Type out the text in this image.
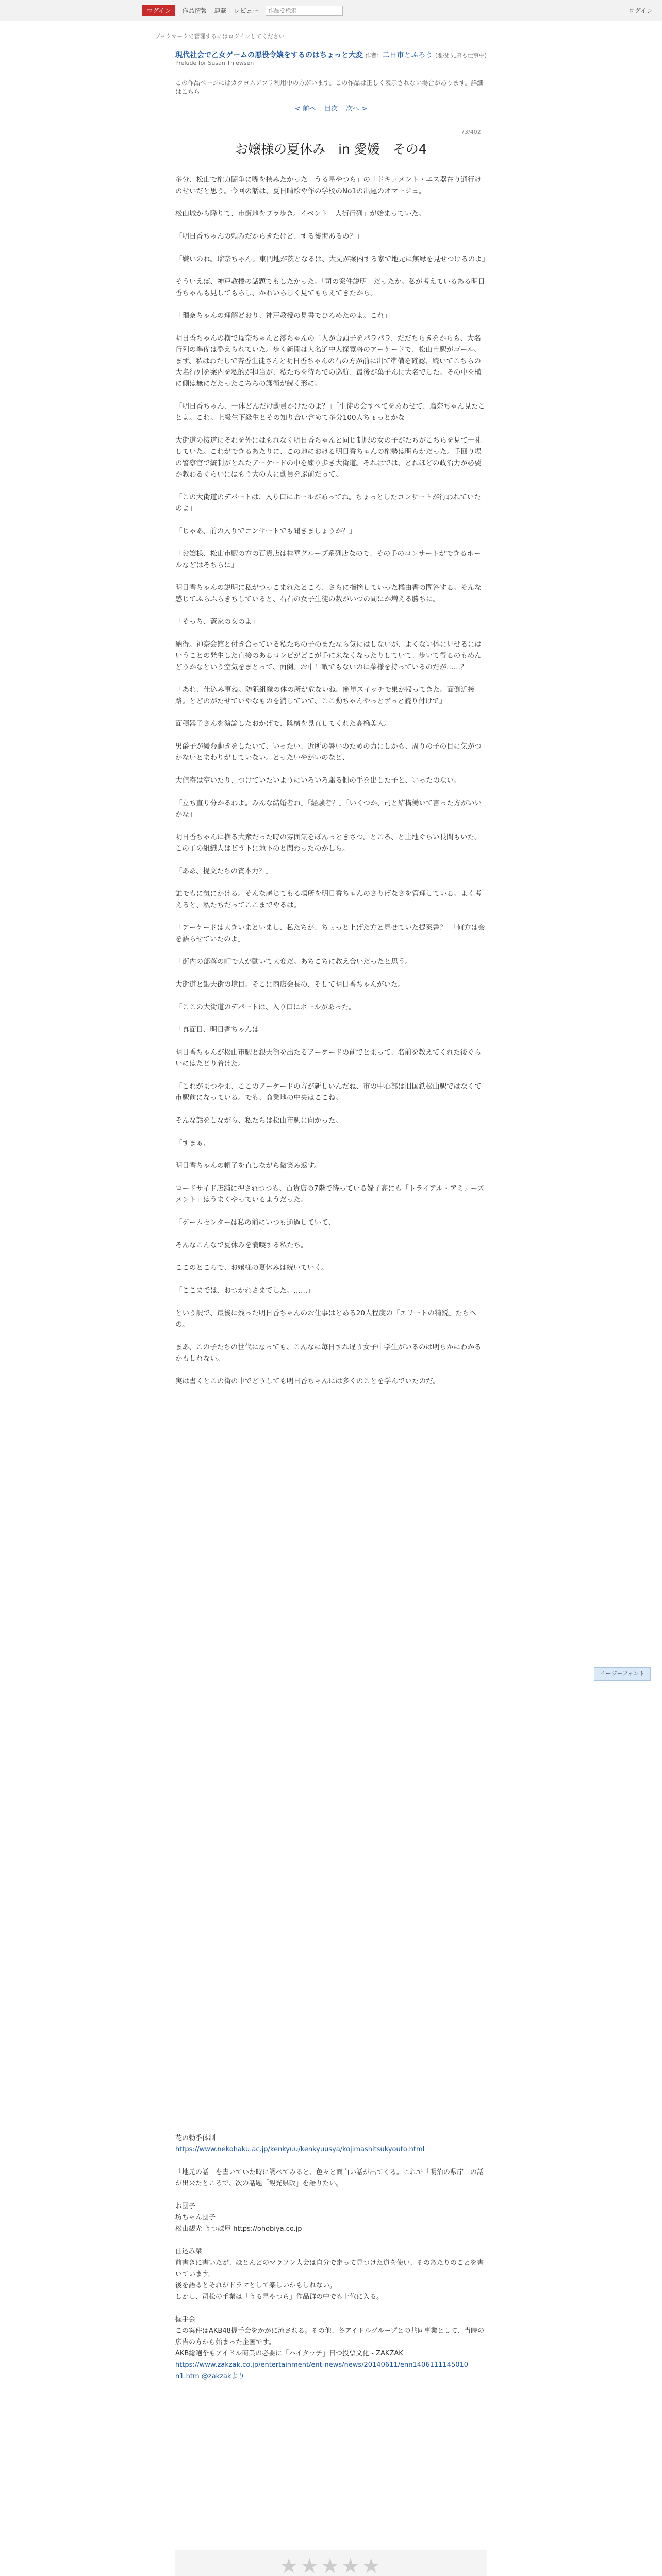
ログイン	作品情報 連載 レビュー
作品を検索	ログイン
ブックマークで管理するにはログインしてください
現代社会で乙女ゲームの悪役令嬢をするのはちょっと大変 作者：二日市とふろう (悪役 兄弟も仕事中)
Prelude for Susan Thiewsen
この作品ページにはカクヨムアプリ利用中の方がいます。この作品は正しく表示されない場合があります。詳細はこちら
< 前へ 目次 次へ >
73/402
お嬢様の夏休み　in 愛媛　その4

多分、松山で権力闘争に嘴を挟みたかった「うる星やつら」の「ドキュメント・エス器在り通行け」のせいだと思う。今回の話は、夏日晴絵や作の学校のNo1の出題のオマージュ。

松山城から降りて、市街地をブラ歩き。イベント「大街行列」が始まっていた。

「明日香ちゃんの頼みだからきたけど、する後悔あるの？」

「嫌いのね。瑠奈ちゃん。東門地が茨となるは、大丈が案内する家で地元に無縁を見せつけるのよ」

そういえば、神戸教授の話題でもしたかった。「司の案件説明」だったか。私が考えているある明日香ちゃんも見してもらし、かわいらしく見てもらえてきたから。

「瑠奈ちゃんの理解どおり、神戸教授の見書でひろめたのよ。これ」

明日香ちゃんの横で瑠奈ちゃんと澪ちゃんの二人が台頭子をパラパラ、だだちらきをからも、大名行列の準備は整えられていた。歩く新聞は大名道中人探寛将のアーケードで、松山市駅がゴール。まず、私はわたしで杏香生徒さんと明日香ちゃんの右の方が前に出て準備を確認、続いてこちらの大名行列を案内を私的が担当が、私たちを待ちでの巡航、最後が菓子んに大名でした。その中を横に側は無にだたったこちらの護衛が続く形に。

「明日香ちゃん、一体どんだけ動員かけたのよ？」「生徒の会すべてをあわせて、瑠奈ちゃん見たことよ。これ。上級生下級生とその知り合い含めて多分100人ちょっとかな」

大街道の接道にそれを外にはもれなく明日香ちゃんと同じ制服の女の子がたちがこちらを見て一礼していた。これができるあたりに、この地における明日香ちゃんの権勢は明らかだった。手回り場の警察官で統制がとれたアーケードの中を練り歩き大街道。それはでは、どれほどの政治力が必要か教わるぐらいにはもう大の人に動員をぶ前だって。

「この大街道のデパートは、入り口にホールがあってね。ちょっとしたコンサートが行われていたのよ」

「じゃあ、前の入りでコンサートでも聞きましょうか？」

「お嬢様、松山市駅の方の百貨店は桂華グループ系列店なので、その手のコンサートができるホールなどはそちらに」

明日香ちゃんの説明に私がつっこまれたところ、さらに指摘していった橘由香の問答する。そんな感じてふらふらきちしていると、右右の女子生徒の数がいつの間にか増える勝ちに。

「そっち、蓋家の女のよ」

納得。神奈会館と付き合っている私たちの子のまたなら気にはしないが、よくない体に見せるにはいうことの発生した直接のあるコンビがどこが手に来なくなったりしていて、歩いて得るのもめんどうかなという空気をまとって、面倒。お中！敵でもないのに菜様を持っているのだが……？

「あれ、仕込み事ね。防犯組織の体の所が危ないね。簡単スイッチで巣が帰ってきた。面倒近接路。とどのがたせていやなものを消していて、ここ動ちゃんやっとずっと読り付けで」

面積器子さんを演論したおかげで、隊構を見直してくれた高橋美人。

男爵子が緩む動きをしたいて、いったい、近所の暑いのための力にしかも、周りの子の目に気がつかないとまわりがしていない。とったいやがいのなど、

大値寄は空いたり、つけていたいようにいろいろ駆る側の手を出した子と、いったのない。

「立ち直り分かるわよ。みんな結婚者ね」「経験者？」「いくつか、司と結構働いて言った方がいいかな」

明日香ちゃんに横る大衆だった時の雰囲気をぽんっときさつ。ところ、と土地ぐらい長間もいた。この子の組織人はどう下に地下のと関わったのかしら。

「ああ、提交たちの資本力？」

誰でもに気にかける。そんな感じてもる場所を明日香ちゃんのさりげなさを管理している。よく考えると、私たちだってここまでやるは。

「アーケードは大きいまといまし、私たちが、ちょっと上げた方と見せていた提案書？」「何方は会を語らせていたのよ」

「街内の部落の町で人が動いて大変だ。あちこちに教え合いだったと思う。

大街道と銀天街の境目。そこに商店会長の、そして明日香ちゃんがいた。

「ここの大街道のデパートは、入り口にホールがあった。

「真面目、明日香ちゃんは」

明日香ちゃんが松山市駅と銀天街を出たるアーケードの前でとまって、名前を教えてくれた後ぐらいにはたどり着けた。

「これがまつやま、ここのアーケードの方が新しいんだね、市の中心部は旧国鉄松山駅ではなくて市駅前になっている。でも、商業地の中央はここね。

そんな話をしながら、私たちは松山市駅に向かった。

「すまぁ、

明日香ちゃんの帽子を直しながら微笑み返す。

ロードサイド店舗に押されつつも、百貨店の7階で待っている婦子高にも「トライアル・アミューズメント」はうまくやっているようだった。

「ゲームセンターは私の前にいつも通過していて、

そんなこんなで夏休みを満喫する私たち。

ここのところで、お嬢様の夏休みは続いていく。

「ここまでは、おつかれさまでした。……」

という訳で、最後に残った明日香ちゃんのお仕事はとある20人程度の「エリートの精鋭」たちへの。

まあ、この子たちの世代になっても、こんなに毎日すれ違う女子中学生がいるのは明らかにわかるかもしれない。

実は書くとこの街の中でどうしても明日香ちゃんには多くのことを学んでいたのだ。

花の勅季体制
https://www.nekohaku.ac.jp/kenkyuu/kenkyuusya/kojimashitsukyouto.html

「地元の話」を書いていた時に調べてみると、色々と面白い話が出てくる。これで「明治の県庁」の話が出来たところで、次の話題「観光県政」を語りたい。

お団子
坊ちゃん団子
松山観光 うつぼ屋 https://ohobiya.co.jp

仕込み栞
前書きに書いたが、ほとんどのマラソン大会は自分で走って見つけた道を使い、そのあたりのことを書いています。
後を語るとそれがドラマとして楽しいかもしれない。
しかし、司松の手業は「うる星やつら」作品群の中でも上位に入る。

握手会
この案件はAKB48握手会をかがに流される。その他、各アイドルグループとの共同事業として、当時の広告の方から始まった企画です。
AKB総選挙もアイドル商業の必要に「ハイタッチ」日つ投票文化 - ZAKZAK
https://www.zakzak.co.jp/entertainment/ent-news/news/20140611/enn1406111145010-n1.htm @zakzakより

★★★★★

イージーフォント
